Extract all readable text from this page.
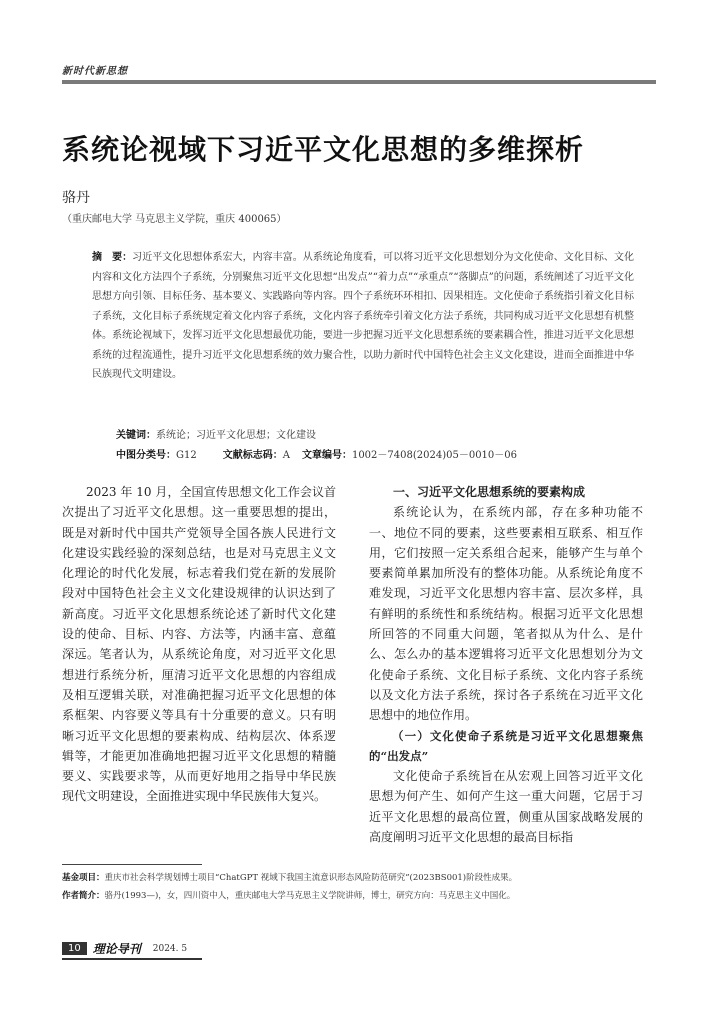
新时代新思想
系统论视域下习近平文化思想的多维探析
骆丹
（重庆邮电大学 马克思主义学院，重庆 400065）

摘　要：习近平文化思想体系宏大，内容丰富。从系统论角度看，可以将习近平文化思想划分为文化使命、文化目标、文化内容和文化方法四个子系统，分别聚焦习近平文化思想“出发点”“着力点”“承重点”“落脚点”的问题，系统阐述了习近平文化思想方向引领、目标任务、基本要义、实践路向等内容。四个子系统环环相扣、因果相连。文化使命子系统指引着文化目标子系统，文化目标子系统规定着文化内容子系统，文化内容子系统牵引着文化方法子系统，共同构成习近平文化思想有机整体。系统论视域下，发挥习近平文化思想最优功能，要进一步把握习近平文化思想系统的要素耦合性，推进习近平文化思想系统的过程流通性，提升习近平文化思想系统的效力聚合性，以助力新时代中国特色社会主义文化建设，进而全面推进中华民族现代文明建设。

关键词：系统论；习近平文化思想；文化建设
中图分类号：G12	文献标志码：A 文章编号：1002－7408(2024)05－0010－06

2023 年 10 月，全国宣传思想文化工作会议首次提出了习近平文化思想。这一重要思想的提出，既是对新时代中国共产党领导全国各族人民进行文化建设实践经验的深刻总结，也是对马克思主义文化理论的时代化发展，标志着我们党在新的发展阶段对中国特色社会主义文化建设规律的认识达到了新高度。习近平文化思想系统论述了新时代文化建设的使命、目标、内容、方法等，内涵丰富、意蕴深远。笔者认为，从系统论角度，对习近平文化思想进行系统分析，厘清习近平文化思想的内容组成及相互逻辑关联，对准确把握习近平文化思想的体系框架、内容要义等具有十分重要的意义。只有明晰习近平文化思想的要素构成、结构层次、体系逻辑等，才能更加准确地把握习近平文化思想的精髓要义、实践要求等，从而更好地用之指导中华民族现代文明建设，全面推进实现中华民族伟大复兴。

一、习近平文化思想系统的要素构成

系统论认为，在系统内部，存在多种功能不一、地位不同的要素，这些要素相互联系、相互作用，它们按照一定关系组合起来，能够产生与单个要素简单累加所没有的整体功能。从系统论角度不难发现，习近平文化思想内容丰富、层次多样，具有鲜明的系统性和系统结构。根据习近平文化思想所回答的不同重大问题，笔者拟从为什么、是什么、怎么办的基本逻辑将习近平文化思想划分为文化使命子系统、文化目标子系统、文化内容子系统以及文化方法子系统，探讨各子系统在习近平文化思想中的地位作用。

（一）文化使命子系统是习近平文化思想聚焦的“出发点”

文化使命子系统旨在从宏观上回答习近平文化思想为何产生、如何产生这一重大问题，它居于习近平文化思想的最高位置，侧重从国家战略发展的高度阐明习近平文化思想的最高目标指

基金项目：重庆市社会科学规划博士项目“ChatGPT 视域下我国主流意识形态风险防范研究”(2023BS001)阶段性成果。

作者简介：骆丹(1993—)，女，四川资中人，重庆邮电大学马克思主义学院讲师，博士，研究方向：马克思主义中国化。

10	理论导刊 2024. 5
